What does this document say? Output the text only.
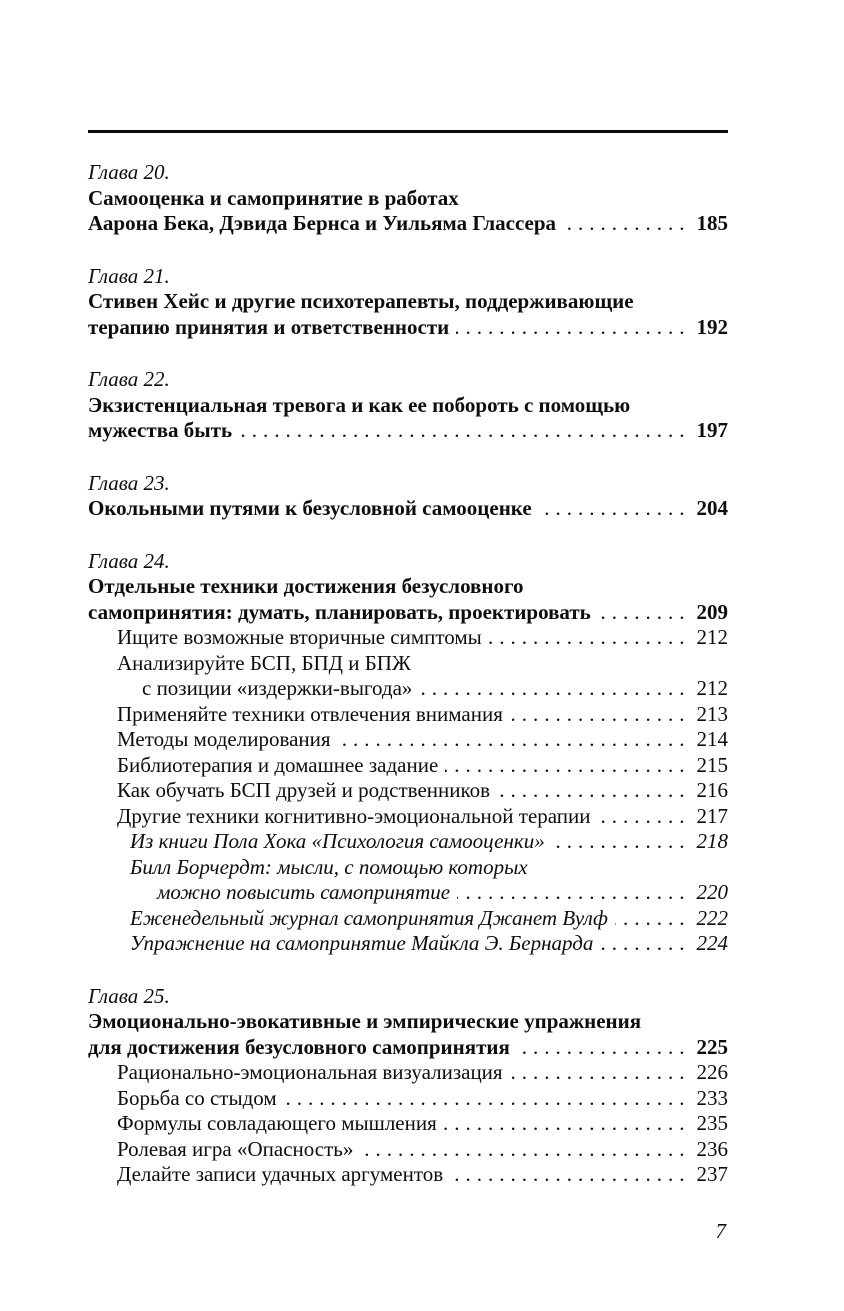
Глава 20.
Самооценка и самопринятие в работах
Аарона Бека, Дэвида Бернса и Уильяма Глассера .....	185
Глава 21.
Стивен Хейс и другие психотерапевты, поддерживающие
терапию принятия и ответственности .....	192
Глава 22.
Экзистенциальная тревога и как ее побороть с помощью
мужества быть .....	197
Глава 23.
Окольными путями к безусловной самооценке .....	204
Глава 24.
Отдельные техники достижения безусловного
самопринятия: думать, планировать, проектировать .....	209
Ищите возможные вторичные симптомы .....	212
Анализируйте БСП, БПД и БПЖ
с позиции «издержки-выгода» .....	212
Применяйте техники отвлечения внимания .....	213
Методы моделирования .....	214
Библиотерапия и домашнее задание .....	215
Как обучать БСП друзей и родственников .....	216
Другие техники когнитивно-эмоциональной терапии .....	217
Из книги Пола Хока «Психология самооценки» .....	218
Билл Борчердт: мысли, с помощью которых
можно повысить самопринятие .....	220
Еженедельный журнал самопринятия Джанет Вулф .....	222
Упражнение на самопринятие Майкла Э. Бернарда .....	224
Глава 25.
Эмоционально-эвокативные и эмпирические упражнения
для достижения безусловного самопринятия .....	225
Рационально-эмоциональная визуализация .....	226
Борьба со стыдом .....	233
Формулы совладающего мышления .....	235
Ролевая игра «Опасность» .....	236
Делайте записи удачных аргументов .....	237
7
